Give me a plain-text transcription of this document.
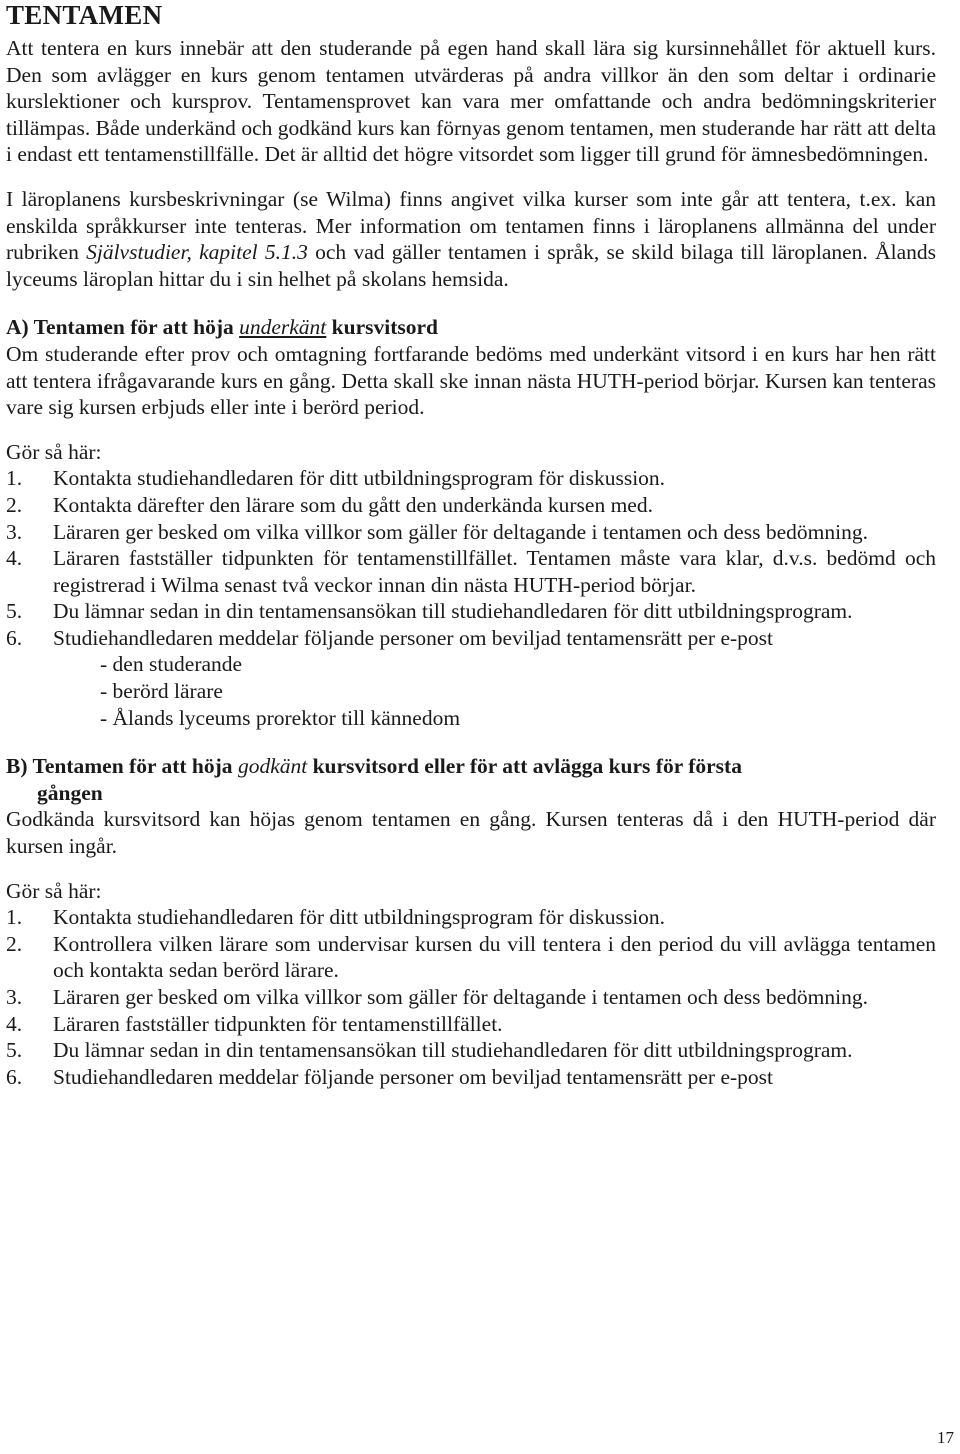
TENTAMEN

Att tentera en kurs innebär att den studerande på egen hand skall lära sig kursinnehållet för aktuell kurs. Den som avlägger en kurs genom tentamen utvärderas på andra villkor än den som deltar i ordinarie kurslektioner och kursprov. Tentamensprovet kan vara mer omfattande och andra bedömningskriterier tillämpas. Både underkänd och godkänd kurs kan förnyas genom tentamen, men studerande har rätt att delta i endast ett tentamenstillfälle. Det är alltid det högre vitsordet som ligger till grund för ämnesbedömningen.

I läroplanens kursbeskrivningar (se Wilma) finns angivet vilka kurser som inte går att tentera, t.ex. kan enskilda språkkurser inte tenteras. Mer information om tentamen finns i läroplanens allmänna del under rubriken Självstudier, kapitel 5.1.3 och vad gäller tentamen i språk, se skild bilaga till läroplanen. Ålands lyceums läroplan hittar du i sin helhet på skolans hemsida.

A) Tentamen för att höja underkänt kursvitsord

Om studerande efter prov och omtagning fortfarande bedöms med underkänt vitsord i en kurs har hen rätt att tentera ifrågavarande kurs en gång. Detta skall ske innan nästa HUTH-period börjar. Kursen kan tenteras vare sig kursen erbjuds eller inte i berörd period.

Gör så här:

1.	Kontakta studiehandledaren för ditt utbildningsprogram för diskussion.
2.	Kontakta därefter den lärare som du gått den underkända kursen med.
3.	Läraren ger besked om vilka villkor som gäller för deltagande i tentamen och dess bedömning.
4.	Läraren fastställer tidpunkten för tentamenstillfället. Tentamen måste vara klar, d.v.s. bedömd och registrerad i Wilma senast två veckor innan din nästa HUTH-period börjar.
5.	Du lämnar sedan in din tentamensansökan till studiehandledaren för ditt utbildningsprogram.
6.	Studiehandledaren meddelar följande personer om beviljad tentamensrätt per e-post
- den studerande
- berörd lärare
- Ålands lyceums prorektor till kännedom
B) Tentamen för att höja godkänt kursvitsord eller för att avlägga kurs för första
gången

Godkända kursvitsord kan höjas genom tentamen en gång. Kursen tenteras då i den HUTH-period där kursen ingår.

Gör så här:

1.	Kontakta studiehandledaren för ditt utbildningsprogram för diskussion.
2.	Kontrollera vilken lärare som undervisar kursen du vill tentera i den period du vill avlägga tentamen och kontakta sedan berörd lärare.
3.	Läraren ger besked om vilka villkor som gäller för deltagande i tentamen och dess bedömning.
4.	Läraren fastställer tidpunkten för tentamenstillfället.
5.	Du lämnar sedan in din tentamensansökan till studiehandledaren för ditt utbildningsprogram.
6.	Studiehandledaren meddelar följande personer om beviljad tentamensrätt per e-post
17
